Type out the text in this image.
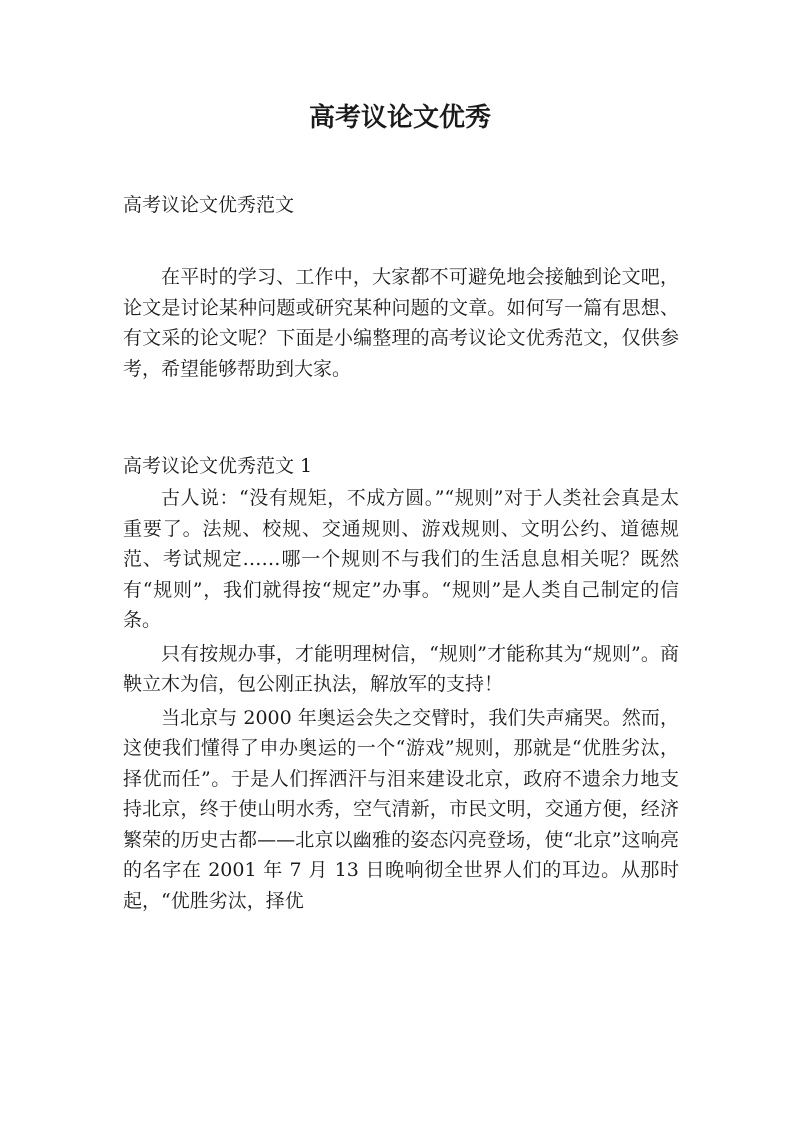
高考议论文优秀

高考议论文优秀范文

在平时的学习、工作中，大家都不可避免地会接触到论文吧，论文是讨论某种问题或研究某种问题的文章。如何写一篇有思想、有文采的论文呢？下面是小编整理的高考议论文优秀范文，仅供参考，希望能够帮助到大家。

高考议论文优秀范文 1

古人说：“没有规矩，不成方圆。”“规则”对于人类社会真是太重要了。法规、校规、交通规则、游戏规则、文明公约、道德规范、考试规定……哪一个规则不与我们的生活息息相关呢？既然有“规则”，我们就得按“规定”办事。“规则”是人类自己制定的信条。

只有按规办事，才能明理树信，“规则”才能称其为“规则”。商鞅立木为信，包公刚正执法，解放军的支持！

当北京与 2000 年奥运会失之交臂时，我们失声痛哭。然而，这使我们懂得了申办奥运的一个“游戏”规则，那就是“优胜劣汰，择优而任”。于是人们挥洒汗与泪来建设北京，政府不遗余力地支持北京，终于使山明水秀，空气清新，市民文明，交通方便，经济繁荣的历史古都——北京以幽雅的姿态闪亮登场，使“北京”这响亮的名字在 2001 年 7 月 13 日晚响彻全世界人们的耳边。从那时起，“优胜劣汰，择优
